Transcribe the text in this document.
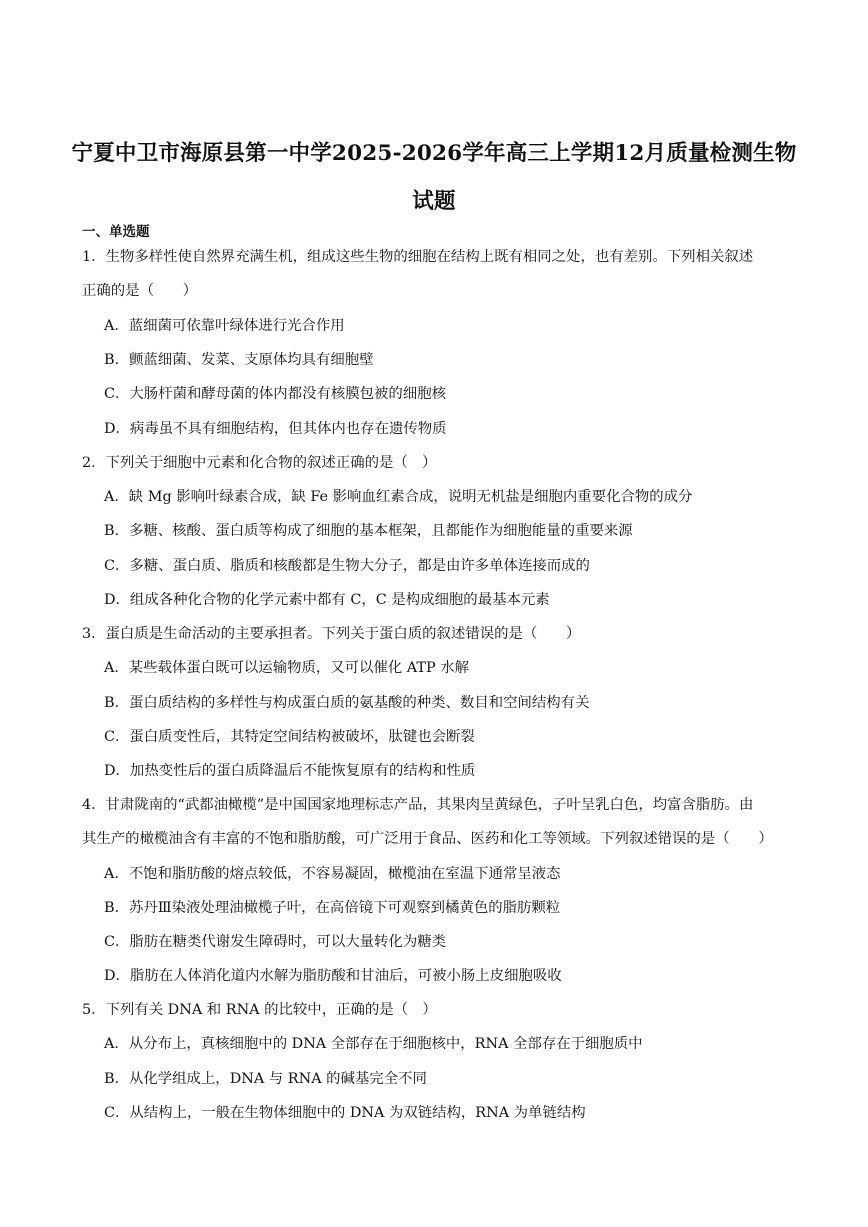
宁夏中卫市海原县第一中学2025-2026学年高三上学期12月质量检测生物
试题
一、单选题
1．生物多样性使自然界充满生机，组成这些生物的细胞在结构上既有相同之处，也有差别。下列相关叙述
正确的是（　　）
A．蓝细菌可依靠叶绿体进行光合作用
B．颤蓝细菌、发菜、支原体均具有细胞壁
C．大肠杆菌和酵母菌的体内都没有核膜包被的细胞核
D．病毒虽不具有细胞结构，但其体内也存在遗传物质
2．下列关于细胞中元素和化合物的叙述正确的是（　）
A．缺 Mg 影响叶绿素合成，缺 Fe 影响血红素合成，说明无机盐是细胞内重要化合物的成分
B．多糖、核酸、蛋白质等构成了细胞的基本框架，且都能作为细胞能量的重要来源
C．多糖、蛋白质、脂质和核酸都是生物大分子，都是由许多单体连接而成的
D．组成各种化合物的化学元素中都有 C，C 是构成细胞的最基本元素
3．蛋白质是生命活动的主要承担者。下列关于蛋白质的叙述错误的是（　　）
A．某些载体蛋白既可以运输物质，又可以催化 ATP 水解
B．蛋白质结构的多样性与构成蛋白质的氨基酸的种类、数目和空间结构有关
C．蛋白质变性后，其特定空间结构被破坏，肽键也会断裂
D．加热变性后的蛋白质降温后不能恢复原有的结构和性质
4．甘肃陇南的“武都油橄榄”是中国国家地理标志产品，其果肉呈黄绿色，子叶呈乳白色，均富含脂肪。由
其生产的橄榄油含有丰富的不饱和脂肪酸，可广泛用于食品、医药和化工等领域。下列叙述错误的是（　　）
A．不饱和脂肪酸的熔点较低，不容易凝固，橄榄油在室温下通常呈液态
B．苏丹Ⅲ染液处理油橄榄子叶，在高倍镜下可观察到橘黄色的脂肪颗粒
C．脂肪在糖类代谢发生障碍时，可以大量转化为糖类
D．脂肪在人体消化道内水解为脂肪酸和甘油后，可被小肠上皮细胞吸收
5．下列有关 DNA 和 RNA 的比较中，正确的是（　）
A．从分布上，真核细胞中的 DNA 全部存在于细胞核中，RNA 全部存在于细胞质中
B．从化学组成上，DNA 与 RNA 的碱基完全不同
C．从结构上，一般在生物体细胞中的 DNA 为双链结构，RNA 为单链结构
